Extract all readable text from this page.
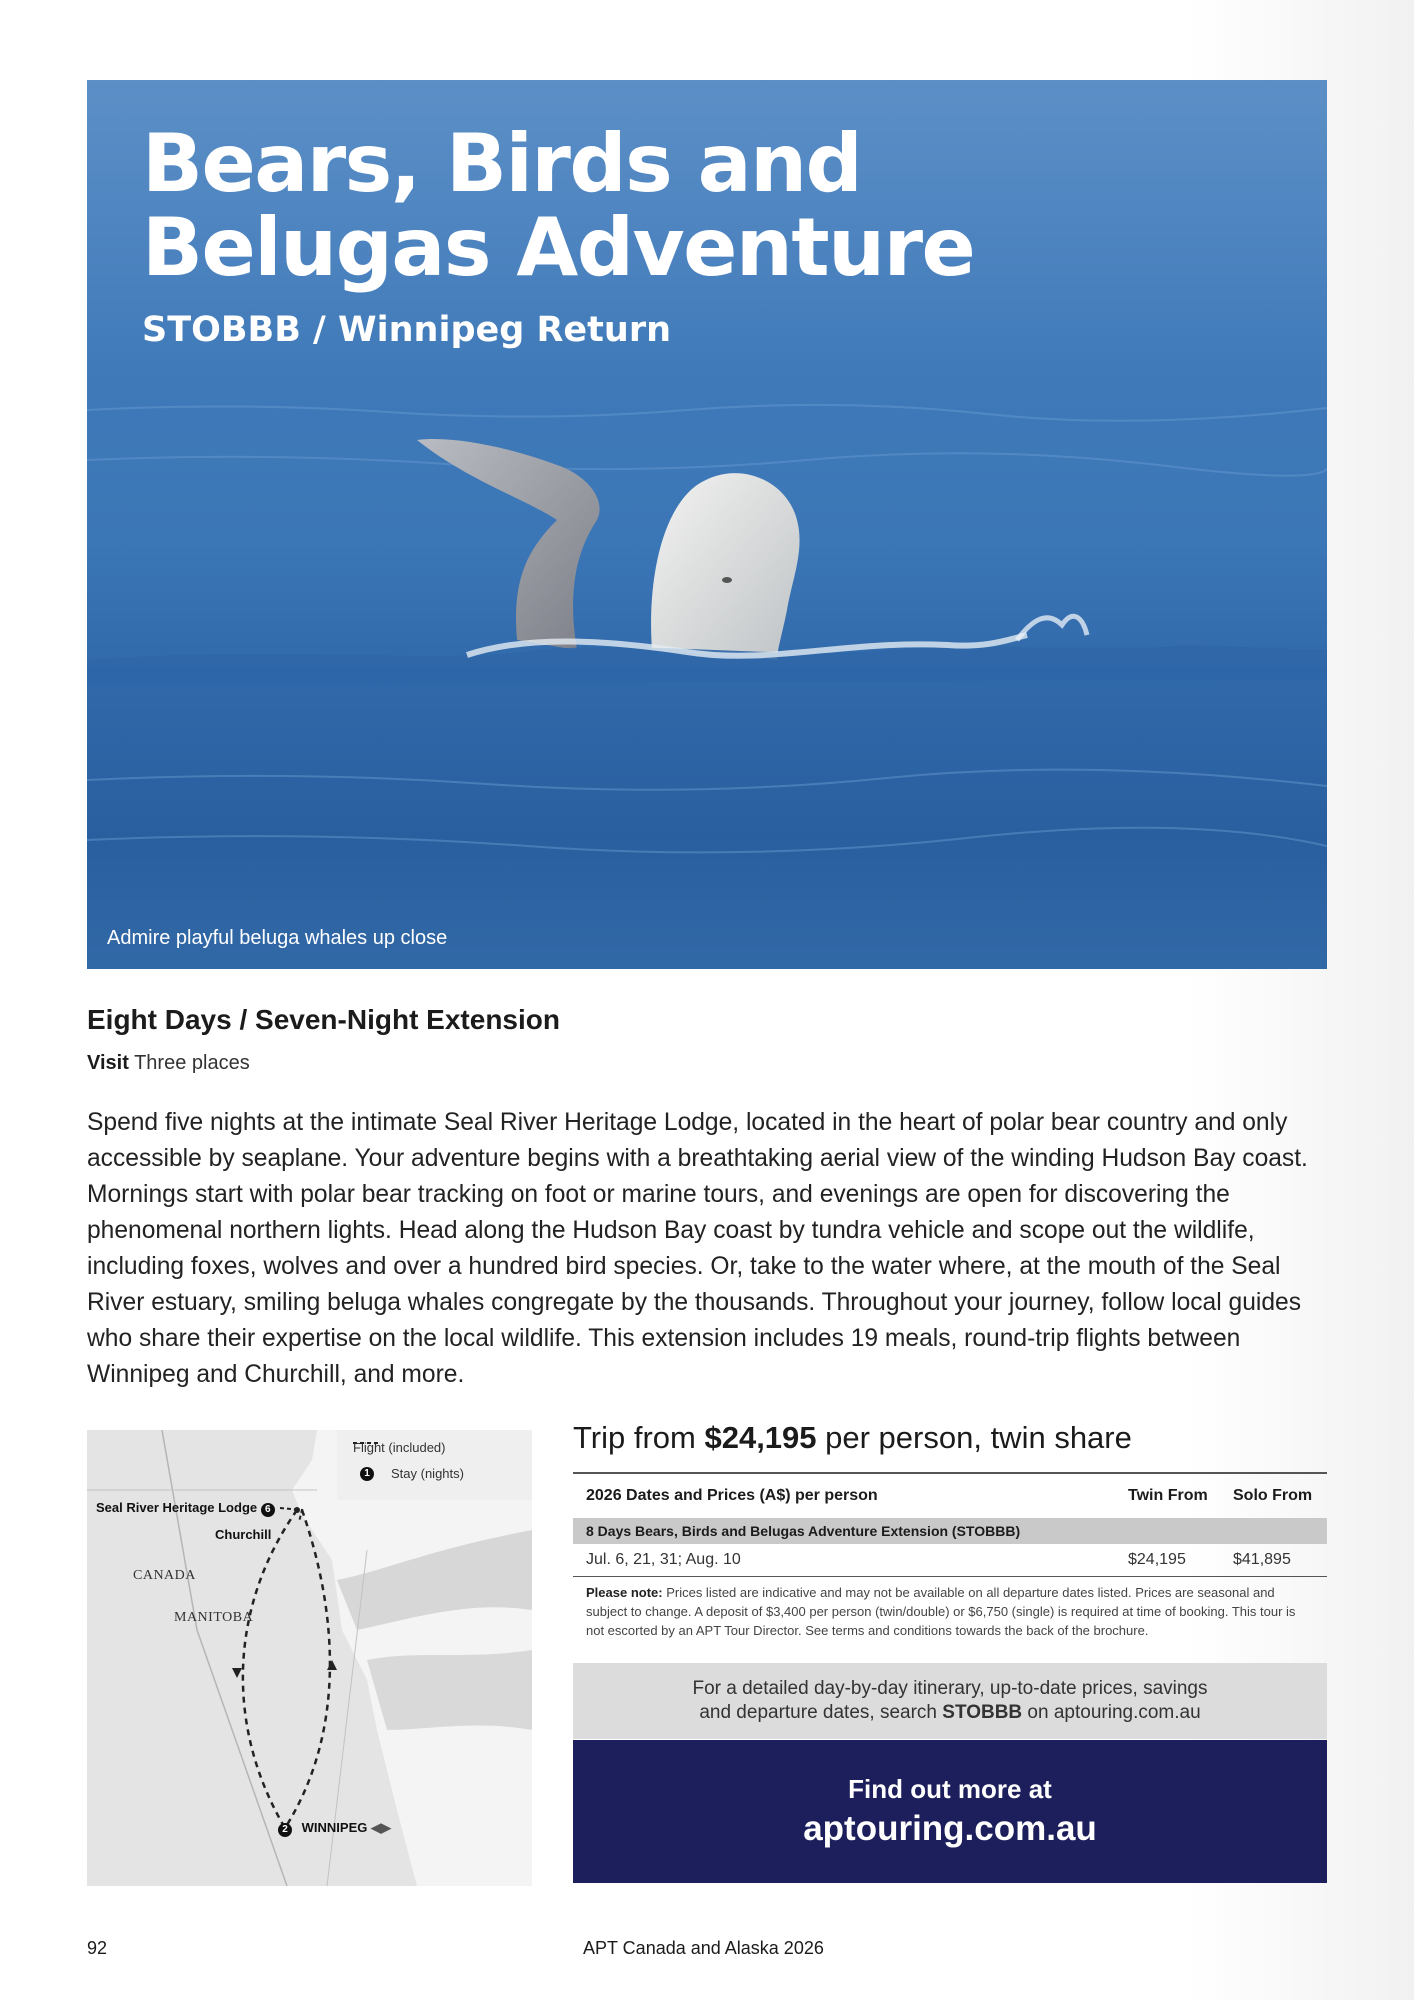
Bears, Birds and
Belugas Adventure
STOBBB / Winnipeg Return
Admire playful beluga whales up close
Eight Days / Seven-Night Extension
Visit Three places

Spend five nights at the intimate Seal River Heritage Lodge, located in the heart of polar bear country and only accessible by seaplane. Your adventure begins with a breathtaking aerial view of the winding Hudson Bay coast. Mornings start with polar bear tracking on foot or marine tours, and evenings are open for discovering the phenomenal northern lights. Head along the Hudson Bay coast by tundra vehicle and scope out the wildlife, including foxes, wolves and over a hundred bird species. Or, take to the water where, at the mouth of the Seal River estuary, smiling beluga whales congregate by the thousands. Throughout your journey, follow local guides who share their expertise on the local wildlife. This extension includes 19 meals, round-trip flights between Winnipeg and Churchill, and more.

Flight (included)
1	Stay (nights)
Seal River Heritage Lodge 6
Churchill
CANADA
MANITOBA
2 WINNIPEG ◀▶
Trip from $24,195 per person, twin share
2026 Dates and Prices (A$) per person	Twin From Solo From
8 Days Bears, Birds and Belugas Adventure Extension (STOBBB)
Jul. 6, 21, 31; Aug. 10	$24,195	$41,895

Please note: Prices listed are indicative and may not be available on all departure dates listed. Prices are seasonal and subject to change. A deposit of $3,400 per person (twin/double) or $6,750 (single) is required at time of booking. This tour is not escorted by an APT Tour Director. See terms and conditions towards the back of the brochure.

For a detailed day-by-day itinerary, up-to-date prices, savings
and departure dates, search STOBBB on aptouring.com.au
Find out more at
aptouring.com.au
92	APT Canada and Alaska 2026
